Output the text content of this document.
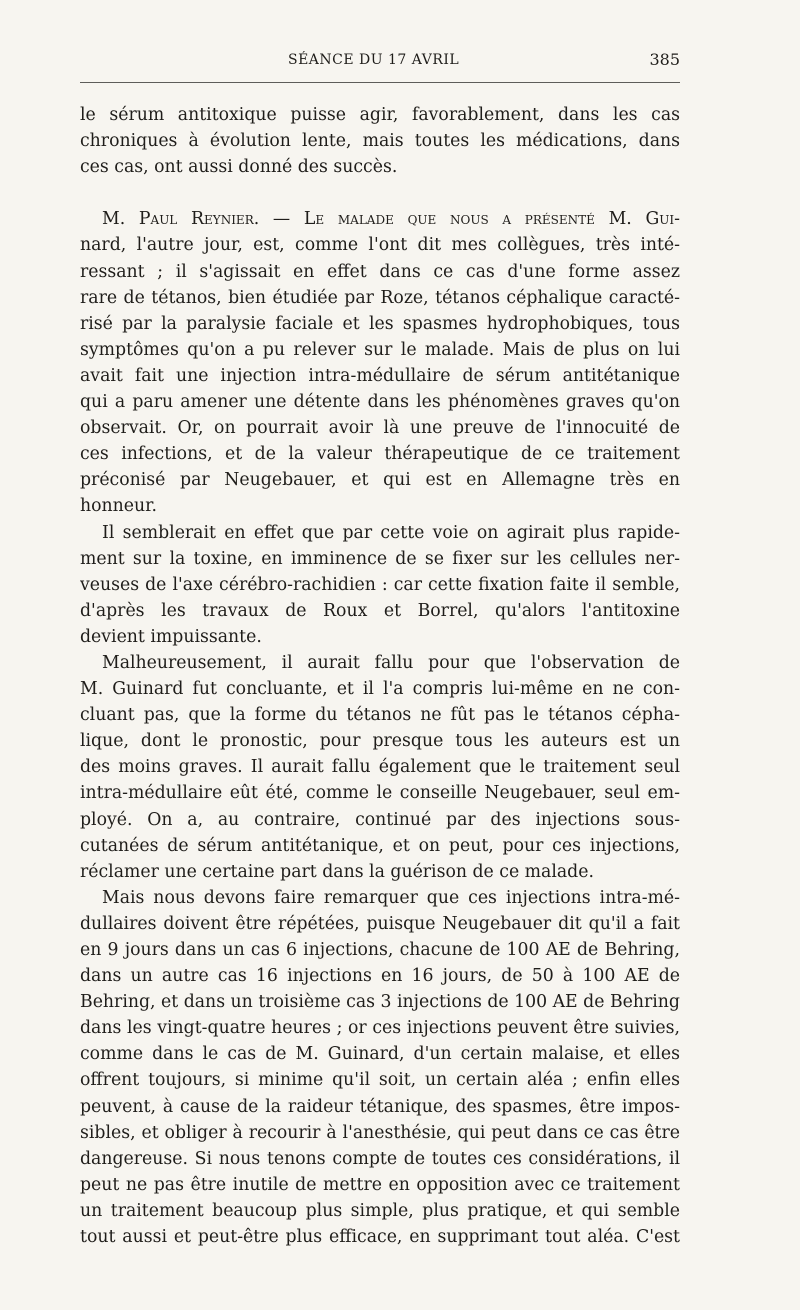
SÉANCE DU 17 AVRIL	385
le sérum antitoxique puisse agir, favorablement, dans les cas
chroniques à évolution lente, mais toutes les médications, dans
ces cas, ont aussi donné des succès.
M. Paul Reynier. — Le malade que nous a présenté M. Gui-
nard, l'autre jour, est, comme l'ont dit mes collègues, très inté-
ressant ; il s'agissait en effet dans ce cas d'une forme assez
rare de tétanos, bien étudiée par Roze, tétanos céphalique caracté-
risé par la paralysie faciale et les spasmes hydrophobiques, tous
symptômes qu'on a pu relever sur le malade. Mais de plus on lui
avait fait une injection intra-médullaire de sérum antitétanique
qui a paru amener une détente dans les phénomènes graves qu'on
observait. Or, on pourrait avoir là une preuve de l'innocuité de
ces infections, et de la valeur thérapeutique de ce traitement
préconisé par Neugebauer, et qui est en Allemagne très en
honneur.
Il semblerait en effet que par cette voie on agirait plus rapide-
ment sur la toxine, en imminence de se fixer sur les cellules ner-
veuses de l'axe cérébro-rachidien : car cette fixation faite il semble,
d'après les travaux de Roux et Borrel, qu'alors l'antitoxine
devient impuissante.
Malheureusement, il aurait fallu pour que l'observation de
M. Guinard fut concluante, et il l'a compris lui-même en ne con-
cluant pas, que la forme du tétanos ne fût pas le tétanos cépha-
lique, dont le pronostic, pour presque tous les auteurs est un
des moins graves. Il aurait fallu également que le traitement seul
intra-médullaire eût été, comme le conseille Neugebauer, seul em-
ployé. On a, au contraire, continué par des injections sous-
cutanées de sérum antitétanique, et on peut, pour ces injections,
réclamer une certaine part dans la guérison de ce malade.
Mais nous devons faire remarquer que ces injections intra-mé-
dullaires doivent être répétées, puisque Neugebauer dit qu'il a fait
en 9 jours dans un cas 6 injections, chacune de 100 AE de Behring,
dans un autre cas 16 injections en 16 jours, de 50 à 100 AE de
Behring, et dans un troisième cas 3 injections de 100 AE de Behring
dans les vingt-quatre heures ; or ces injections peuvent être suivies,
comme dans le cas de M. Guinard, d'un certain malaise, et elles
offrent toujours, si minime qu'il soit, un certain aléa ; enfin elles
peuvent, à cause de la raideur tétanique, des spasmes, être impos-
sibles, et obliger à recourir à l'anesthésie, qui peut dans ce cas être
dangereuse. Si nous tenons compte de toutes ces considérations, il
peut ne pas être inutile de mettre en opposition avec ce traitement
un traitement beaucoup plus simple, plus pratique, et qui semble
tout aussi et peut-être plus efficace, en supprimant tout aléa. C'est
